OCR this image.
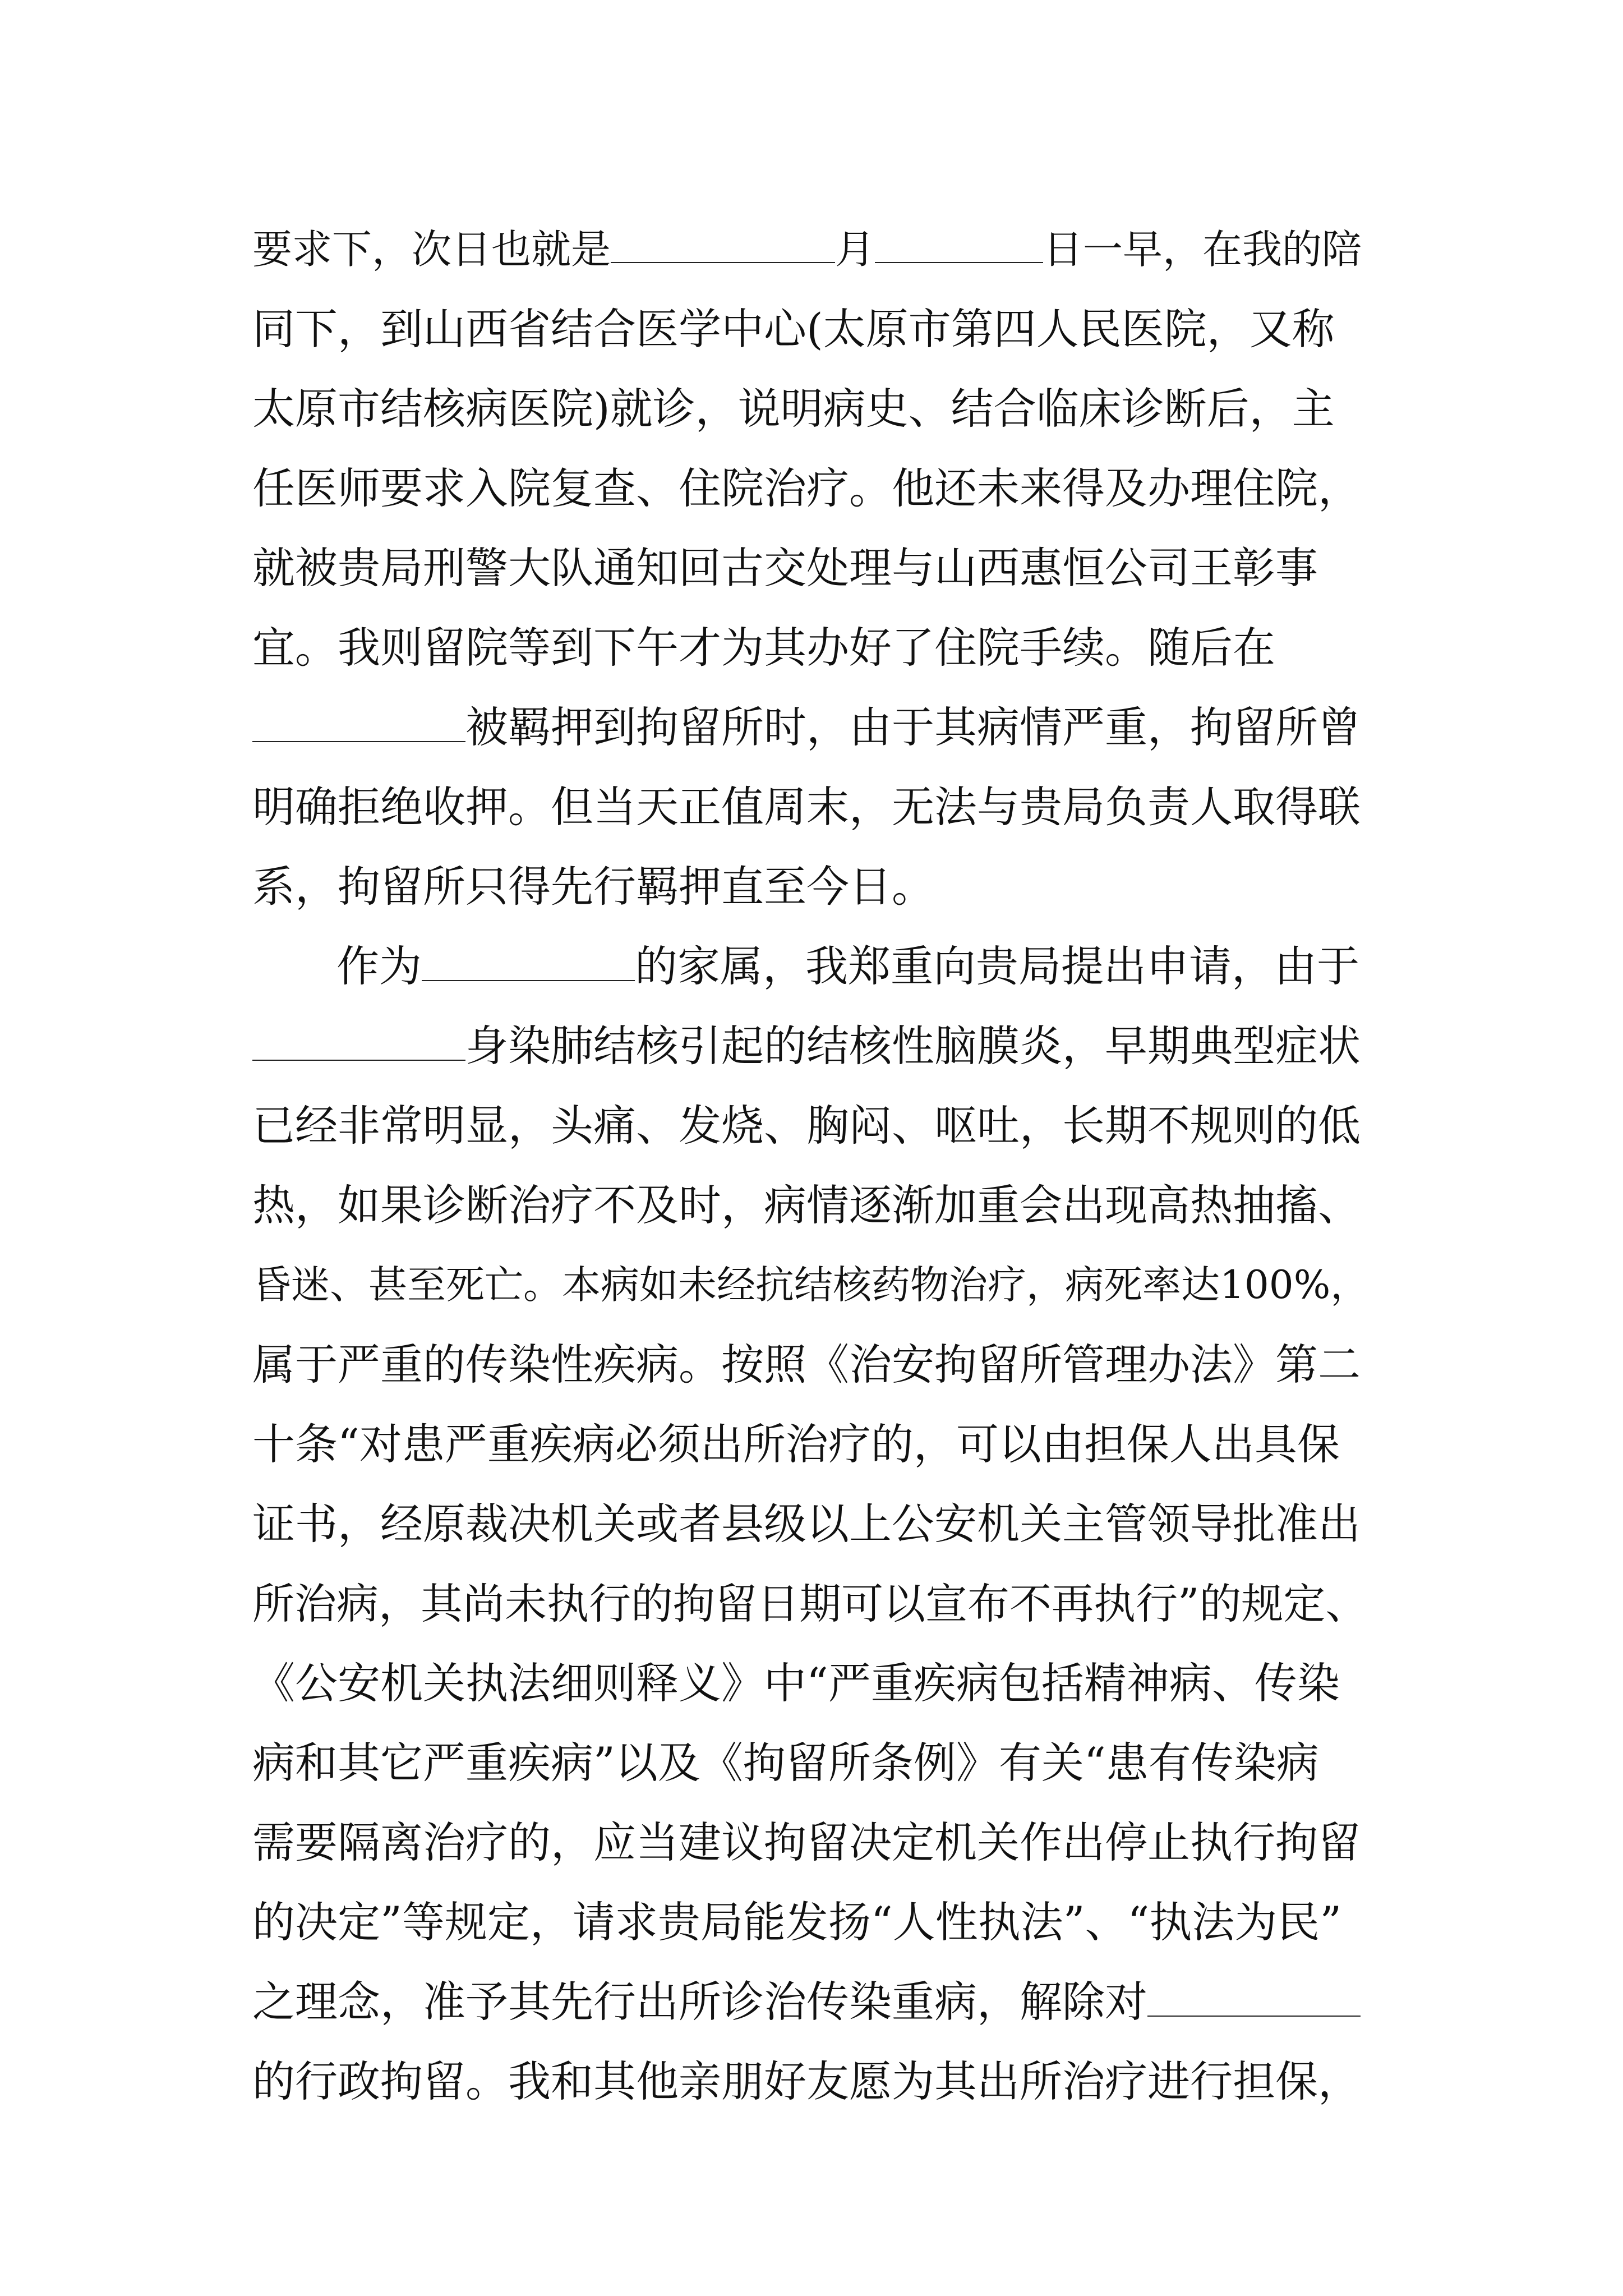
要求下，次日也就是	月	日一早，在我的陪
同下，到山西省结合医学中心(太原市第四人民医院，又称
太原市结核病医院)就诊，说明病史、结合临床诊断后，主
任医师要求入院复查、住院治疗。他还未来得及办理住院，
就被贵局刑警大队通知回古交处理与山西惠恒公司王彰事
宜。我则留院等到下午才为其办好了住院手续。随后在
被羁押到拘留所时，由于其病情严重，拘留所曾
明确拒绝收押。但当天正值周末，无法与贵局负责人取得联
系，拘留所只得先行羁押直至今日。
作为	的家属，我郑重向贵局提出申请，由于
身染肺结核引起的结核性脑膜炎，早期典型症状
已经非常明显，头痛、发烧、胸闷、呕吐，长期不规则的低
热，如果诊断治疗不及时，病情逐渐加重会出现高热抽搐、
昏迷、甚至死亡。本病如未经抗结核药物治疗，病死率达100%，
属于严重的传染性疾病。按照《治安拘留所管理办法》第二
十条“对患严重疾病必须出所治疗的，可以由担保人出具保
证书，经原裁决机关或者县级以上公安机关主管领导批准出
所治病，其尚未执行的拘留日期可以宣布不再执行”的规定、
《公安机关执法细则释义》中“严重疾病包括精神病、传染
病和其它严重疾病”以及《拘留所条例》有关“患有传染病
需要隔离治疗的，应当建议拘留决定机关作出停止执行拘留
的决定”等规定，请求贵局能发扬“人性执法”、“执法为民”
之理念，准予其先行出所诊治传染重病，解除对
的行政拘留。我和其他亲朋好友愿为其出所治疗进行担保，
